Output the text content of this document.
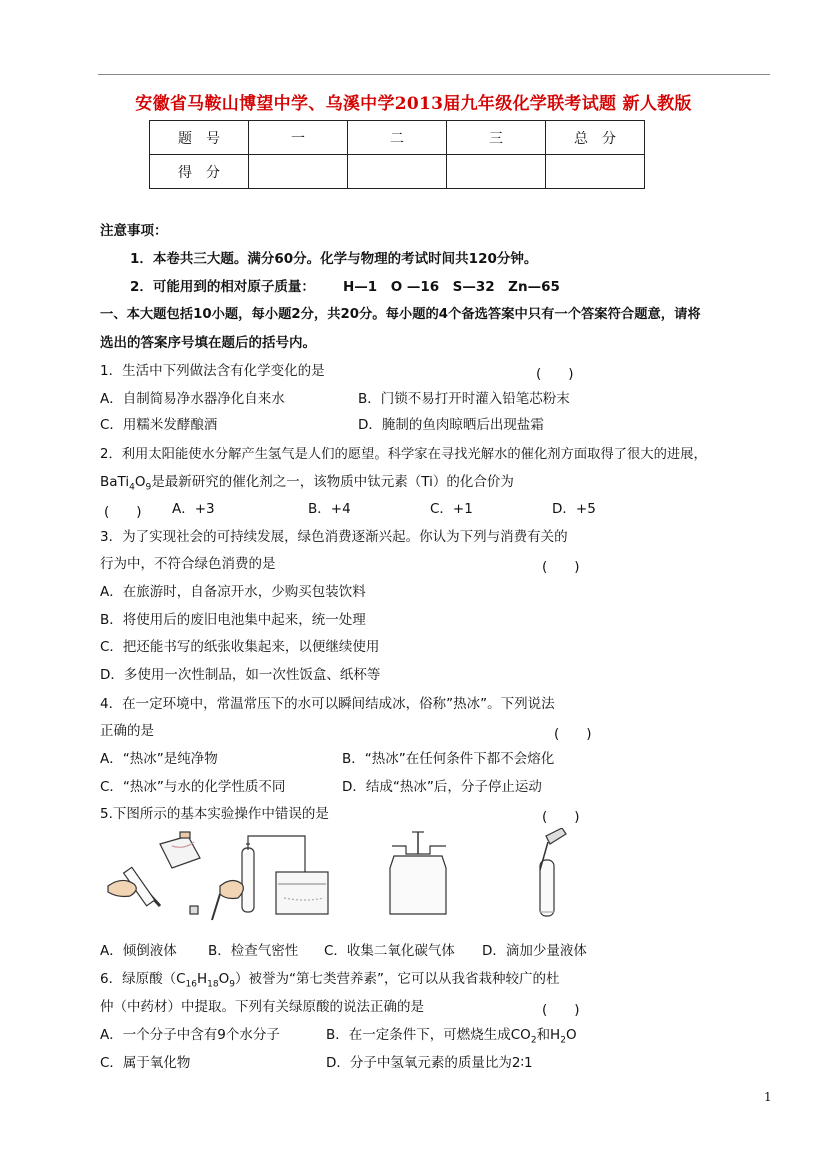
安徽省马鞍山博望中学、乌溪中学2013届九年级化学联考试题 新人教版
题　号	一	二	三	总　分
得　分				
注意事项：
1．本卷共三大题。满分60分。化学与物理的考试时间共120分钟。
2．可能用到的相对原子质量： H—1　O —16　S—32　Zn—65
一、本大题包括10小题，每小题2分，共20分。每小题的4个备选答案中只有一个答案符合题意，请将
选出的答案序号填在题后的括号内。
1．生活中下列做法含有化学变化的是	(　　)
A．自制简易净水器净化自来水	B．门锁不易打开时灌入铅笔芯粉末
C．用糯米发酵酿酒	D．腌制的鱼肉晾晒后出现盐霜
2．利用太阳能使水分解产生氢气是人们的愿望。科学家在寻找光解水的催化剂方面取得了很大的进展，
$BaTi_4O_9$是最新研究的催化剂之一，该物质中钛元素（Ti）的化合价为
(　　) A．+3	B．+4	C．+1	D．+5
3．为了实现社会的可持续发展，绿色消费逐渐兴起。你认为下列与消费有关的
行为中，不符合绿色消费的是	(　　)
A．在旅游时，自备凉开水，少购买包装饮料
B．将使用后的废旧电池集中起来，统一处理
C．把还能书写的纸张收集起来，以便继续使用
D．多使用一次性制品，如一次性饭盒、纸杯等
4．在一定环境中，常温常压下的水可以瞬间结成冰，俗称”热冰”。下列说法
正确的是	(　　)
A．“热冰”是纯净物	B．“热冰”在任何条件下都不会熔化
C．“热冰”与水的化学性质不同	D．结成“热冰”后，分子停止运动
5.下图所示的基本实验操作中错误的是	(　　)
A．倾倒液体 B．检查气密性 C．收集二氧化碳气体 D．滴加少量液体
6．绿原酸$(C_{16}H_{18}O_9)$被誉为“第七类营养素”，它可以从我省栽种较广的杜
仲（中药材）中提取。下列有关绿原酸的说法正确的是	(　　)
A．一个分子中含有9个水分子	B．在一定条件下，可燃烧生成$CO_2$和$H_2O$
C．属于氧化物	D．分子中氢氧元素的质量比为2∶1
1
